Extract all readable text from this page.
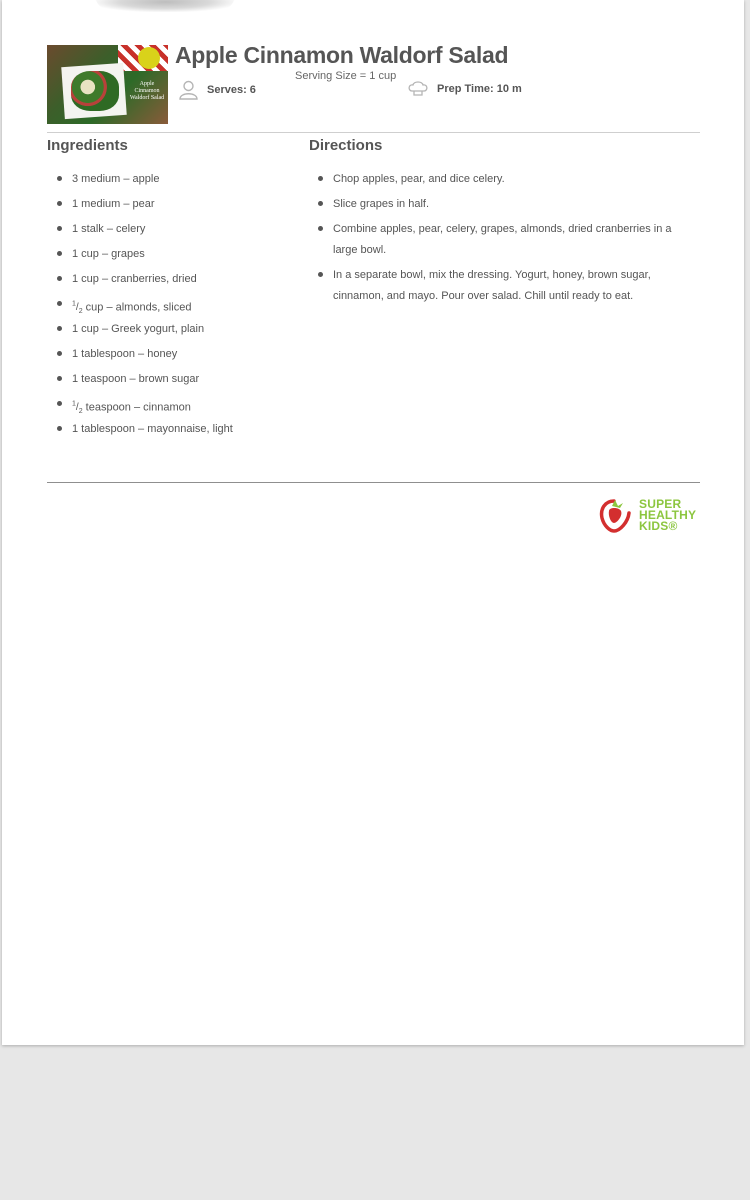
Apple Cinnamon Waldorf Salad
Apple Cinnamon Waldorf Salad
Serving Size = 1 cup
Serves: 6	Prep Time: 10 m
Ingredients	Directions
3 medium – apple
1 medium – pear
1 stalk – celery
1 cup – grapes
1 cup – cranberries, dried
$^1/_2$ cup – almonds, sliced
1 cup – Greek yogurt, plain
1 tablespoon – honey
1 teaspoon – brown sugar
$^1/_2$ teaspoon – cinnamon
1 tablespoon – mayonnaise, light
Chop apples, pear, and dice celery.
Slice grapes in half.
Combine apples, pear, celery, grapes, almonds, dried cranberries in a large bowl.
In a separate bowl, mix the dressing. Yogurt, honey, brown sugar, cinnamon, and mayo. Pour over salad. Chill until ready to eat.
SUPER
HEALTHY
KIDS®
